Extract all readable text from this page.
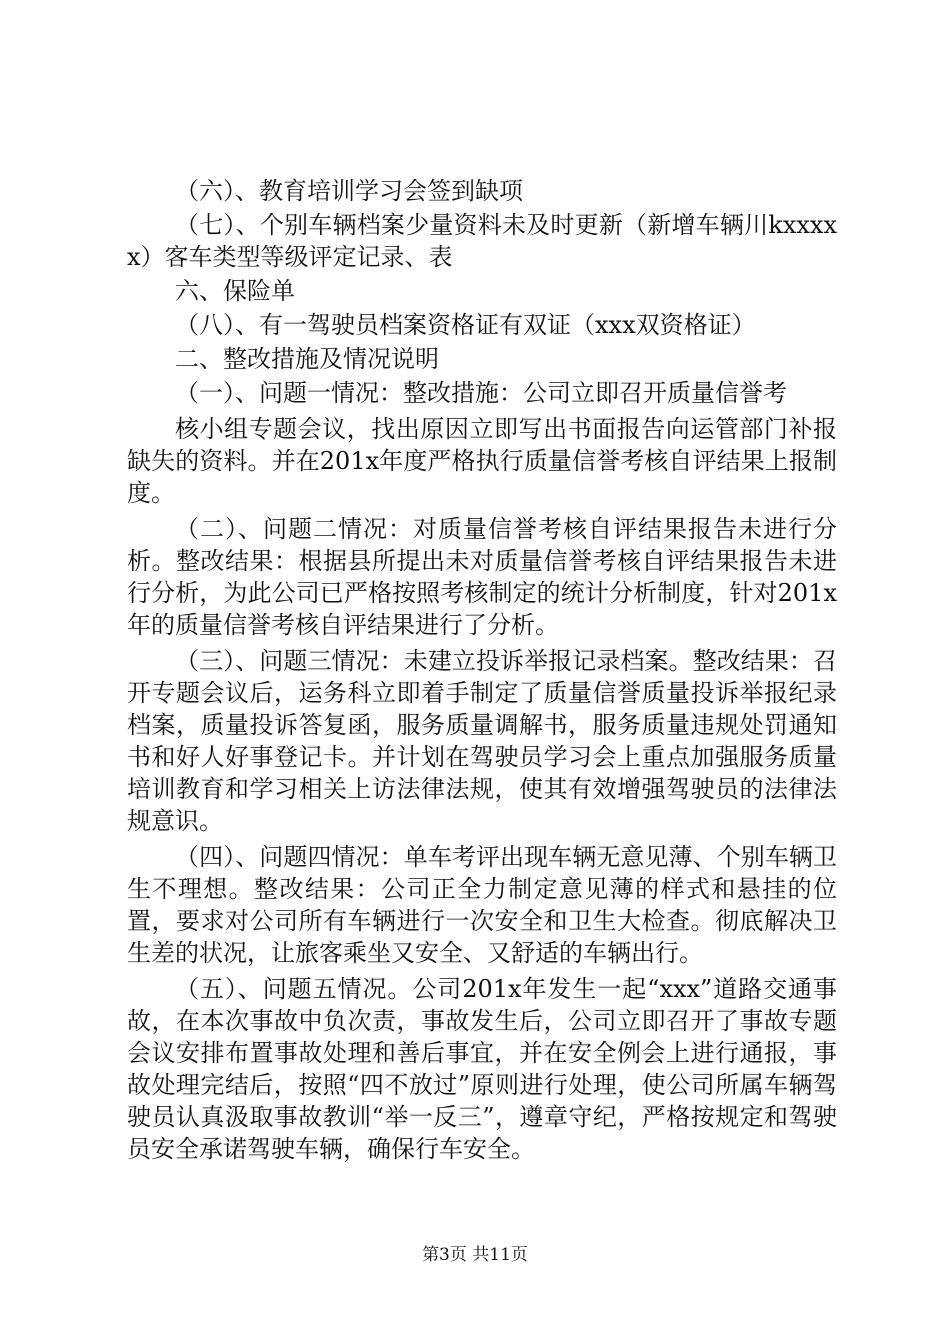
（六）、教育培训学习会签到缺项

（七）、个别车辆档案少量资料未及时更新（新增车辆川kxxxxx）客车类型等级评定记录、表

六、保险单

（八）、有一驾驶员档案资格证有双证（xxx双资格证）

二、整改措施及情况说明

（一）、问题一情况：整改措施：公司立即召开质量信誉考

核小组专题会议，找出原因立即写出书面报告向运管部门补报缺失的资料。并在201x年度严格执行质量信誉考核自评结果上报制度。

（二）、问题二情况：对质量信誉考核自评结果报告未进行分析。整改结果：根据县所提出未对质量信誉考核自评结果报告未进行分析，为此公司已严格按照考核制定的统计分析制度，针对201x年的质量信誉考核自评结果进行了分析。

（三）、问题三情况：未建立投诉举报记录档案。整改结果：召开专题会议后，运务科立即着手制定了质量信誉质量投诉举报纪录档案，质量投诉答复函，服务质量调解书，服务质量违规处罚通知书和好人好事登记卡。并计划在驾驶员学习会上重点加强服务质量培训教育和学习相关上访法律法规，使其有效增强驾驶员的法律法规意识。

（四）、问题四情况：单车考评出现车辆无意见薄、个别车辆卫生不理想。整改结果：公司正全力制定意见薄的样式和悬挂的位置，要求对公司所有车辆进行一次安全和卫生大检查。彻底解决卫生差的状况，让旅客乘坐又安全、又舒适的车辆出行。

（五）、问题五情况。公司201x年发生一起“xxx”道路交通事故，在本次事故中负次责，事故发生后，公司立即召开了事故专题会议安排布置事故处理和善后事宜，并在安全例会上进行通报，事故处理完结后，按照“四不放过”原则进行处理，使公司所属车辆驾驶员认真汲取事故教训“举一反三”，遵章守纪，严格按规定和驾驶员安全承诺驾驶车辆，确保行车安全。

第3页 共11页
